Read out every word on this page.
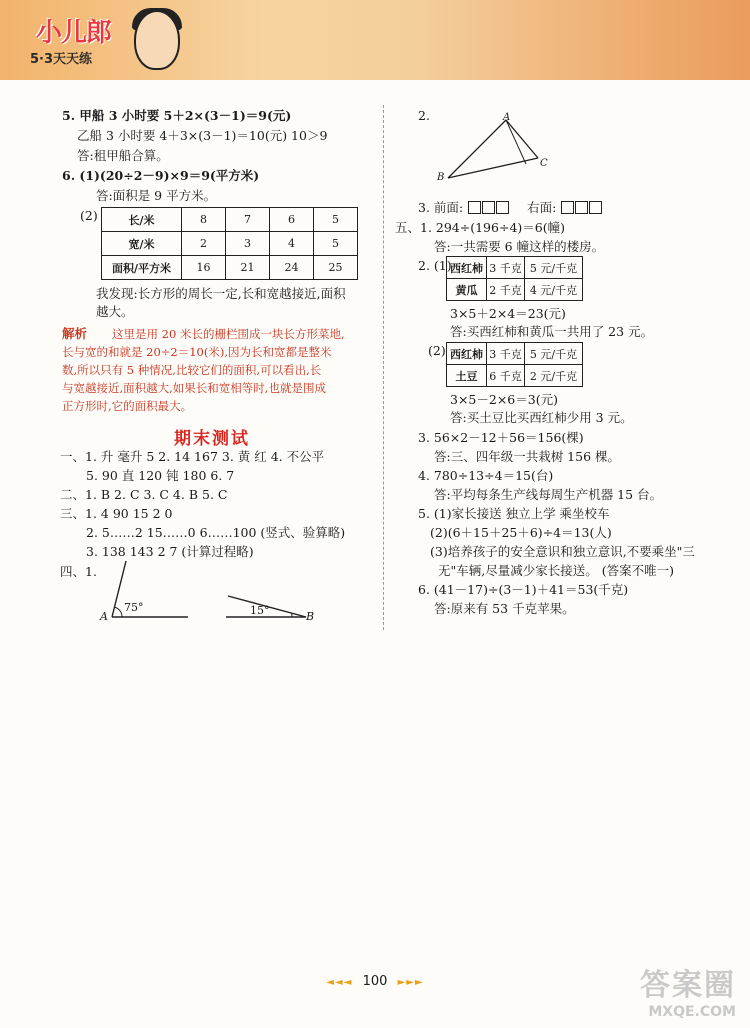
小儿郎
5·3天天练
5. 甲船 3 小时要 5＋2×(3－1)＝9(元)
乙船 3 小时要 4＋3×(3－1)＝10(元) 10＞9
答:租甲船合算。
6. (1)(20÷2－9)×9＝9(平方米)
答:面积是 9 平方米。
(2)	长/米	8	7	6	5
宽/米	2	3	4	5
面积/平方米	16	21	24	25
我发现:长方形的周长一定,长和宽越接近,面积
越大。
解析 这里是用 20 米长的栅栏围成一块长方形菜地,
长与宽的和就是 20÷2＝10(米),因为长和宽都是整米
数,所以只有 5 种情况,比较它们的面积,可以看出,长
与宽越接近,面积越大,如果长和宽相等时,也就是围成
正方形时,它的面积最大。
期末测试
一、1. 升 毫升 5 2. 14 167 3. 黄 红 4. 不公平
5. 90 直 120 钝 180 6. 7
二、1. B 2. C 3. C 4. B 5. C
三、1. 4 90 15 2 0
2. 5……2 15……0 6……100 (竖式、验算略)
3. 138 143 2 7 (计算过程略)
四、1.
A
75°
B
15°
2.	A
B
C
3. 前面:	右面:
五、1. 294÷(196÷4)＝6(幢)
答:一共需要 6 幢这样的楼房。
2. (1)
西红柿	3 千克	5 元/千克
黄瓜	2 千克	4 元/千克
3×5＋2×4＝23(元)
答:买西红柿和黄瓜一共用了 23 元。
(2) 西红柿	3 千克	5 元/千克
土豆	6 千克	2 元/千克
3×5－2×6＝3(元)
答:买土豆比买西红柿少用 3 元。
3. 56×2－12＋56＝156(棵)
答:三、四年级一共栽树 156 棵。
4. 780÷13÷4＝15(台)
答:平均每条生产线每周生产机器 15 台。
5. (1)家长接送 独立上学 乘坐校车
(2)(6＋15＋25＋6)÷4＝13(人)
(3)培养孩子的安全意识和独立意识,不要乘坐"三
无"车辆,尽量减少家长接送。 (答案不唯一)
6. (41－17)÷(3－1)＋41＝53(千克)
答:原来有 53 千克苹果。
◄◄◄ 100 ►►►	答案圈
MXQE.COM
